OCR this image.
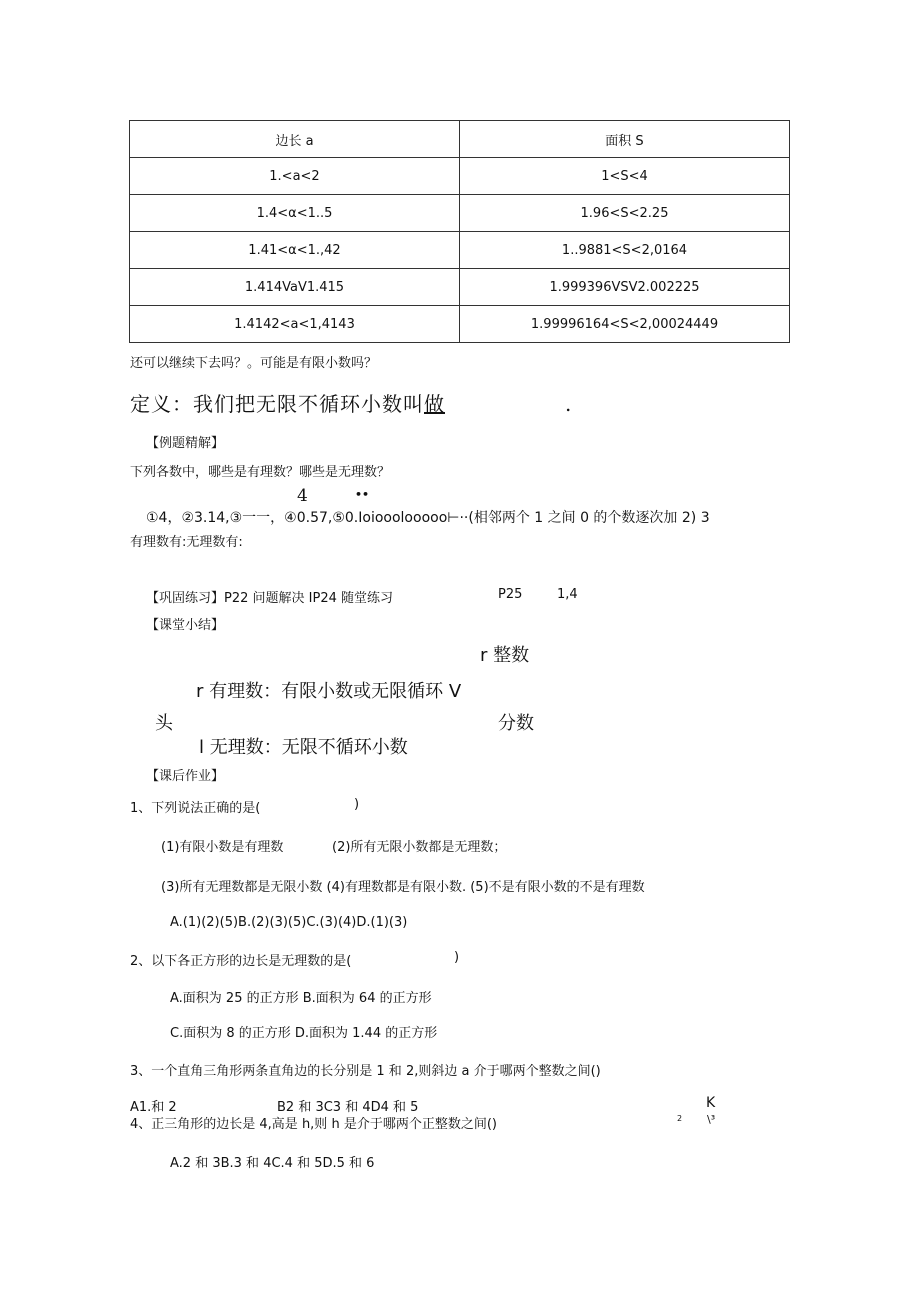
边长 a	面积 S
1.<a<2	1<S<4
1.4<α<1..5	1.96<S<2.25
1.41<α<1.,42	1..9881<S<2,0164
1.414VaV1.415	1.999396VSV2.002225
1.4142<a<1,4143	1.99996164<S<2,00024449
还可以继续下去吗？。可能是有限小数吗？
定义：我们把无限不循环小数叫做	.
【例题精解】
下列各数中，哪些是有理数？哪些是无理数？
4	••
①4，②3.14,③一一，④0.57,⑤0.Ioiooolooooo⊢··(相邻两个 1 之间 0 的个数逐次加 2) 3
有理数有:无理数有:
【巩固练习】P22 问题解决 IP24 随堂练习	P25	1,4
【课堂小结】
r 整数
r 有理数：有限小数或无限循环 V
头	分数
l 无理数：无限不循环小数
【课后作业】
1、下列说法正确的是(	)
(1)有限小数是有理数	(2)所有无限小数都是无理数；
(3)所有无理数都是无限小数 (4)有理数都是有限小数. (5)不是有限小数的不是有理数
A.(1)(2)(5)B.(2)(3)(5)C.(3)(4)D.(1)(3)
2、以下各正方形的边长是无理数的是(	)
A.面积为 25 的正方形 B.面积为 64 的正方形
C.面积为 8 的正方形 D.面积为 1.44 的正方形
3、一个直角三角形两条直角边的长分别是 1 和 2,则斜边 a 介于哪两个整数之间()
A1.和 2	B2 和 3C3 和 4D4 和 5	K
4、正三角形的边长是 4,高是 h,则 h 是介于哪两个正整数之间()	2 \³
A.2 和 3B.3 和 4C.4 和 5D.5 和 6
